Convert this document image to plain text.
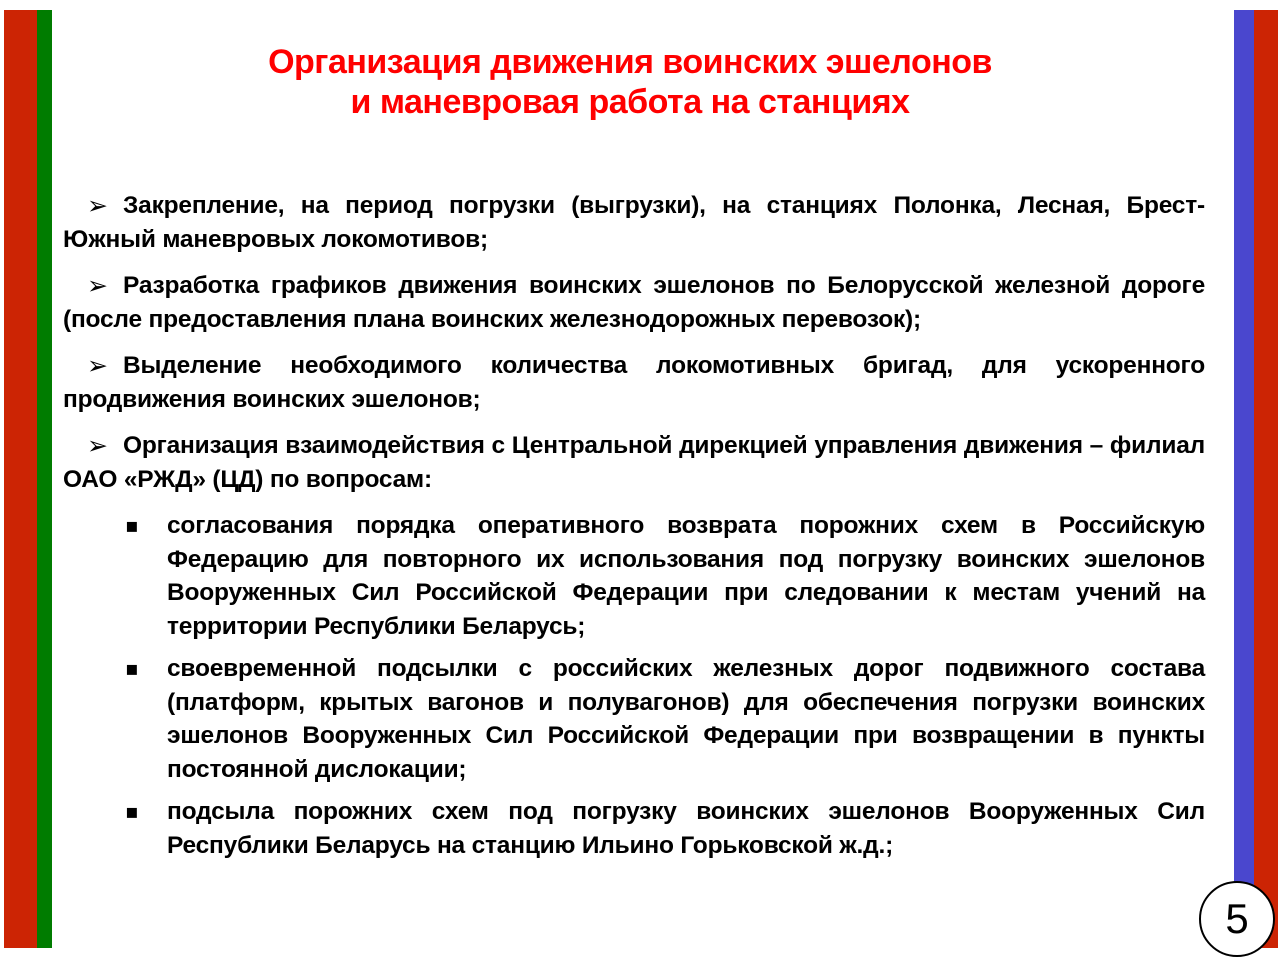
Организация движения воинских эшелонов
и маневровая работа на станциях

➢ Закрепление, на период погрузки (выгрузки), на станциях Полонка, Лесная, Брест-Южный маневровых локомотивов;

➢ Разработка графиков движения воинских эшелонов по Белорусской железной дороге (после предоставления плана воинских железнодорожных перевозок);

➢ Выделение необходимого количества локомотивных бригад, для ускоренного продвижения воинских эшелонов;

➢ Организация взаимодействия с Центральной дирекцией управления движения – филиал ОАО «РЖД» (ЦД) по вопросам:

▪ согласования порядка оперативного возврата порожних схем в Российскую Федерацию для повторного их использования под погрузку воинских эшелонов Вооруженных Сил Российской Федерации при следовании к местам учений на территории Республики Беларусь;

▪ своевременной подсылки с российских железных дорог подвижного состава (платформ, крытых вагонов и полувагонов) для обеспечения погрузки воинских эшелонов Вооруженных Сил Российской Федерации при возвращении в пункты постоянной дислокации;

▪ подсыла порожних схем под погрузку воинских эшелонов Вооруженных Сил Республики Беларусь на станцию Ильино Горьковской ж.д.;

5
